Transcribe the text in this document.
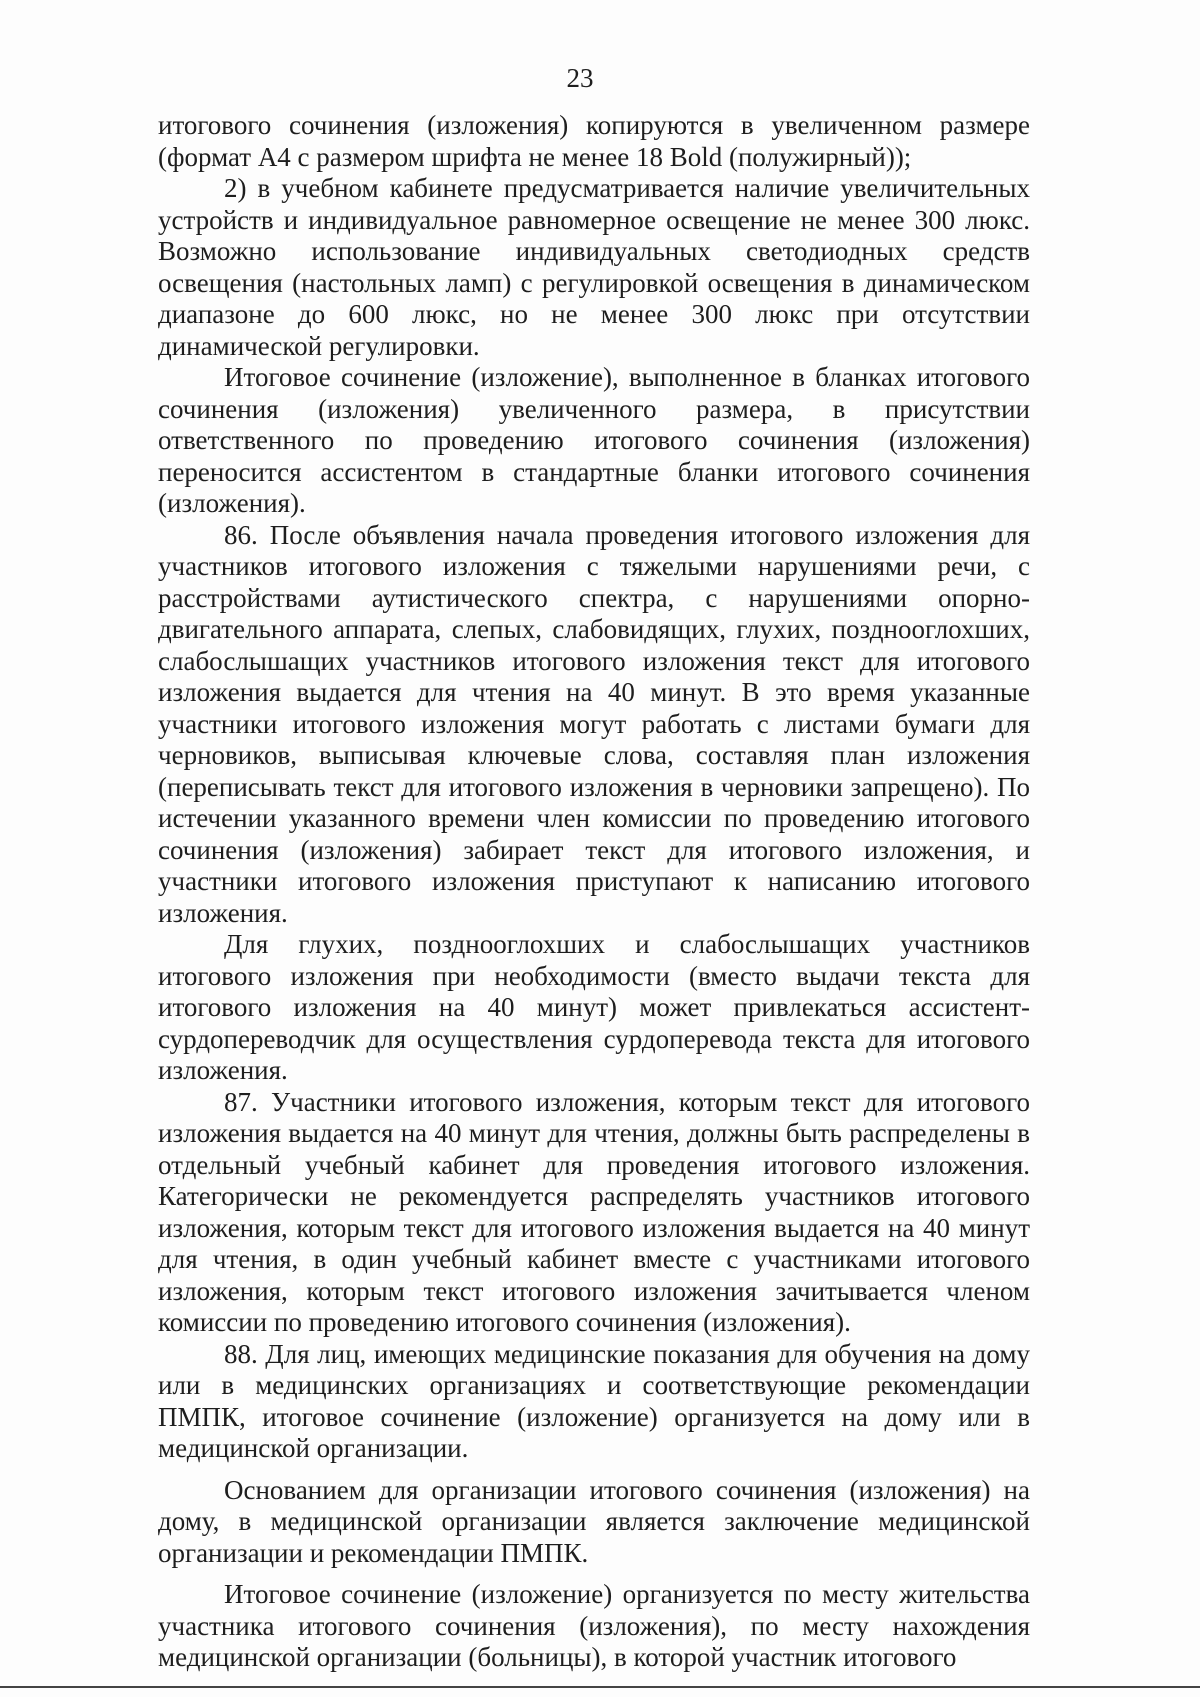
23

итогового сочинения (изложения) копируются в увеличенном размере (формат А4 с размером шрифта не менее 18 Bold (полужирный));

2) в учебном кабинете предусматривается наличие увеличительных устройств и индивидуальное равномерное освещение не менее 300 люкс. Возможно использование индивидуальных светодиодных средств освещения (настольных ламп) с регулировкой освещения в динамическом диапазоне до 600 люкс, но не менее 300 люкс при отсутствии динамической регулировки.

Итоговое сочинение (изложение), выполненное в бланках итогового сочинения (изложения) увеличенного размера, в присутствии ответственного по проведению итогового сочинения (изложения) переносится ассистентом в стандартные бланки итогового сочинения (изложения).

86. После объявления начала проведения итогового изложения для участников итогового изложения с тяжелыми нарушениями речи, с расстройствами аутистического спектра, с нарушениями опорно-двигательного аппарата, слепых, слабовидящих, глухих, позднооглохших, слабослышащих участников итогового изложения текст для итогового изложения выдается для чтения на 40 минут. В это время указанные участники итогового изложения могут работать с листами бумаги для черновиков, выписывая ключевые слова, составляя план изложения (переписывать текст для итогового изложения в черновики запрещено). По истечении указанного времени член комиссии по проведению итогового сочинения (изложения) забирает текст для итогового изложения, и участники итогового изложения приступают к написанию итогового изложения.

Для глухих, позднооглохших и слабослышащих участников итогового изложения при необходимости (вместо выдачи текста для итогового изложения на 40 минут) может привлекаться ассистент-сурдопереводчик для осуществления сурдоперевода текста для итогового изложения.

87. Участники итогового изложения, которым текст для итогового изложения выдается на 40 минут для чтения, должны быть распределены в отдельный учебный кабинет для проведения итогового изложения. Категорически не рекомендуется распределять участников итогового изложения, которым текст для итогового изложения выдается на 40 минут для чтения, в один учебный кабинет вместе с участниками итогового изложения, которым текст итогового изложения зачитывается членом комиссии по проведению итогового сочинения (изложения).

88. Для лиц, имеющих медицинские показания для обучения на дому или в медицинских организациях и соответствующие рекомендации ПМПК, итоговое сочинение (изложение) организуется на дому или в медицинской организации.

Основанием для организации итогового сочинения (изложения) на дому, в медицинской организации является заключение медицинской организации и рекомендации ПМПК.

Итоговое сочинение (изложение) организуется по месту жительства участника итогового сочинения (изложения), по месту нахождения медицинской организации (больницы), в которой участник итогового
